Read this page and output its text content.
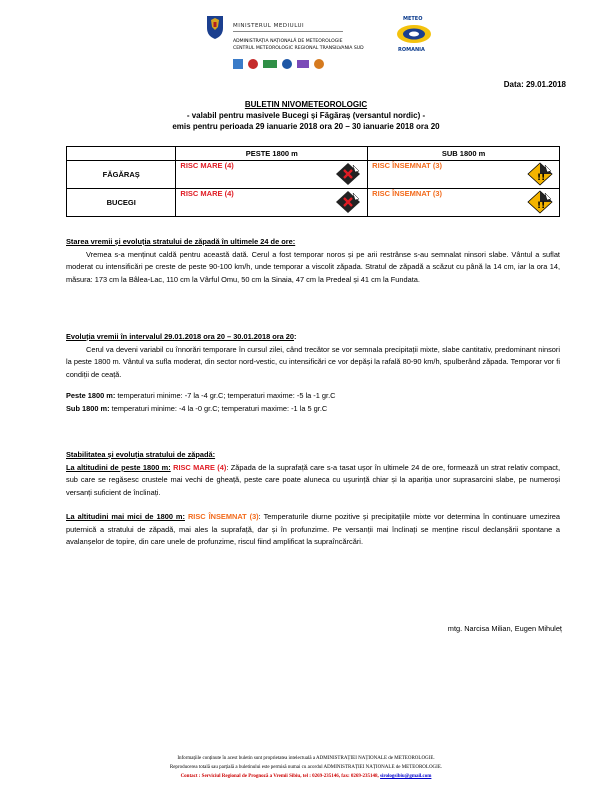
MINISTERUL MEDIULUI
ADMINISTRAȚIA NAȚIONALĂ DE METEOROLOGIE
CENTRUL METEOROLOGIC REGIONAL TRANSILVANIA SUD
METEO
ROMANIA
Data: 29.01.2018
BULETIN NIVOMETEOROLOGIC
- valabil pentru masivele Bucegi și Făgăraș (versantul nordic) -
emis pentru perioada 29 ianuarie 2018 ora 20 – 30 ianuarie 2018 ora 20
	PESTE 1800 m	SUB 1800 m
FĂGĂRAȘ	RISC MARE (4)	RISC ÎNSEMNAT (3)
!!

BUCEGI	RISC MARE (4)	RISC ÎNSEMNAT (3)
!!

Starea vremii și evoluția stratului de zăpadă în ultimele 24 de ore:

Vremea s-a menținut caldă pentru această dată. Cerul a fost temporar noros și pe arii restrânse s-au semnalat ninsori slabe. Vântul a suflat moderat cu intensificări pe creste de peste 90-100 km/h, unde temporar a viscolit zăpada. Stratul de zăpadă a scăzut cu până la 14 cm, iar la ora 14, măsura: 173 cm la Bâlea-Lac, 110 cm la Vârful Omu, 50 cm la Sinaia, 47 cm la Predeal și 41 cm la Fundata.

Evoluția vremii în intervalul 29.01.2018 ora 20 – 30.01.2018 ora 20:

Cerul va deveni variabil cu înnorări temporare în cursul zilei, când trecător se vor semnala precipitații mixte, slabe cantitativ, predominant ninsori la peste 1800 m. Vântul va sufla moderat, din sector nord-vestic, cu intensificări ce vor depăși la rafală 80-90 km/h, spulberând zăpada. Temporar vor fi condiții de ceață.

Peste 1800 m: temperaturi minime: -7 la -4 gr.C; temperaturi maxime: -5 la -1 gr.C

Sub 1800 m: temperaturi minime: -4 la -0 gr.C; temperaturi maxime: -1 la 5 gr.C

Stabilitatea și evoluția stratului de zăpadă:

La altitudini de peste 1800 m: RISC MARE (4): Zăpada de la suprafață care s-a tasat ușor în ultimele 24 de ore, formează un strat relativ compact, sub care se regăsesc crustele mai vechi de gheață, peste care poate aluneca cu ușurință chiar și la apariția unor suprasarcini slabe, pe numeroși versanți suficient de înclinați.

La altitudini mai mici de 1800 m: RISC ÎNSEMNAT (3): Temperaturile diurne pozitive și precipitațiile mixte vor determina în continuare umezirea puternică a stratului de zăpadă, mai ales la suprafață, dar și în profunzime. Pe versanții mai înclinați se menține riscul declanșării spontane a avalanșelor de topire, din care unele de profunzime, riscul fiind amplificat la supraîncărcări.

mtg. Narcisa Milian, Eugen Mihuleț
Informațiile conținute în acest buletin sunt proprietatea intelectuală a ADMINISTRAȚIEI NAȚIONALE de METEOROLOGIE.
Reproducerea totală sau parțială a buletinului este permisă numai cu acordul ADMINISTRAȚIEI NAȚIONALE de METEOROLOGIE.
Contact : Serviciul Regional de Prognoză a Vremii Sibiu, tel : 0269-235146, fax: 0269-235148, sirologsibiu@gmail.com
